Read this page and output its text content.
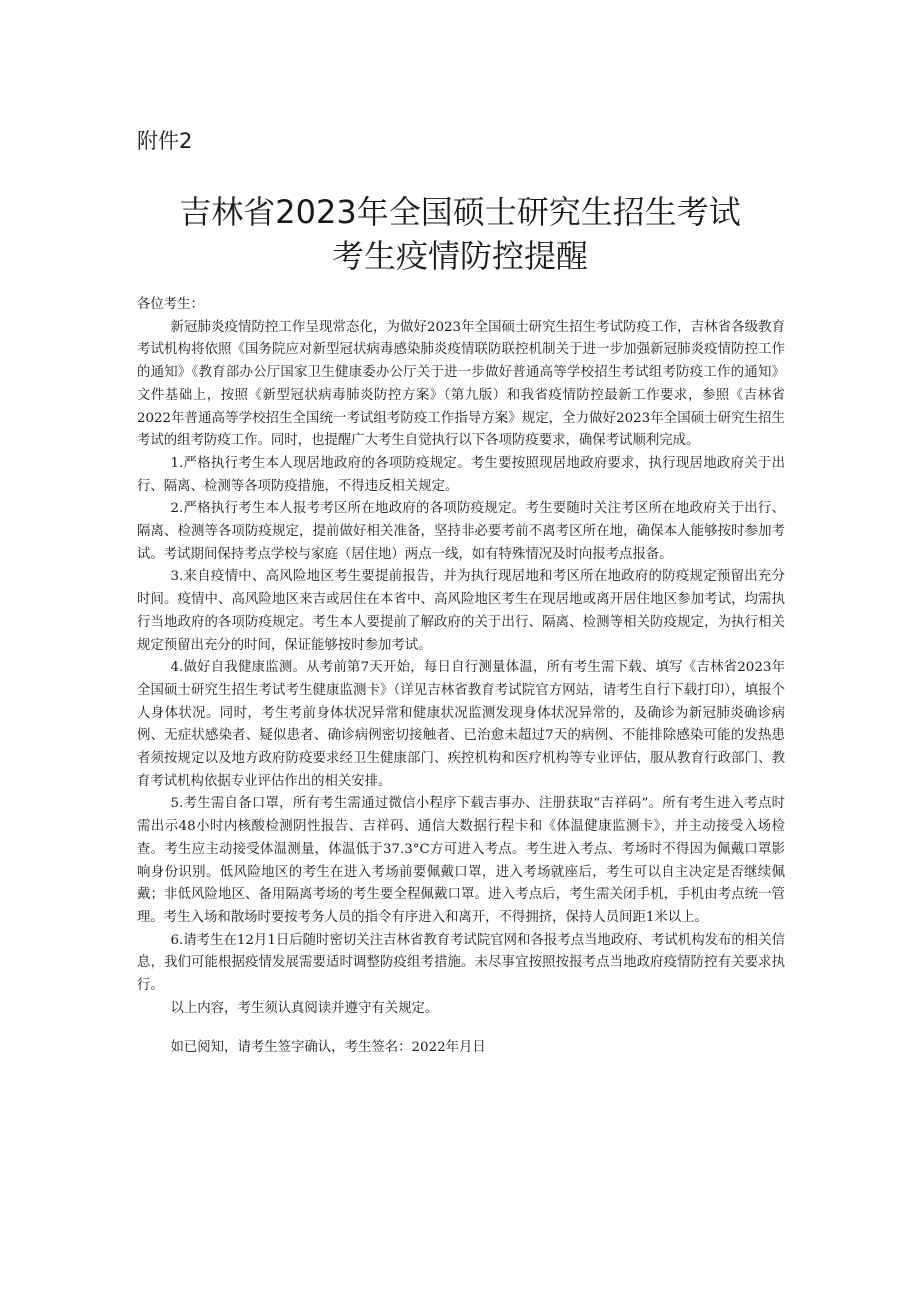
附件2
吉林省2023年全国硕士研究生招生考试
考生疫情防控提醒

各位考生：

新冠肺炎疫情防控工作呈现常态化，为做好2023年全国硕士研究生招生考试防疫工作，吉林省各级教育考试机构将依照《国务院应对新型冠状病毒感染肺炎疫情联防联控机制关于进一步加强新冠肺炎疫情防控工作的通知》《教育部办公厅国家卫生健康委办公厅关于进一步做好普通高等学校招生考试组考防疫工作的通知》文件基础上，按照《新型冠状病毒肺炎防控方案》（第九版）和我省疫情防控最新工作要求，参照《吉林省2022年普通高等学校招生全国统一考试组考防疫工作指导方案》规定，全力做好2023年全国硕士研究生招生考试的组考防疫工作。同时，也提醒广大考生自觉执行以下各项防疫要求，确保考试顺利完成。

1.严格执行考生本人现居地政府的各项防疫规定。考生要按照现居地政府要求，执行现居地政府关于出行、隔离、检测等各项防疫措施，不得违反相关规定。

2.严格执行考生本人报考考区所在地政府的各项防疫规定。考生要随时关注考区所在地政府关于出行、隔离、检测等各项防疫规定，提前做好相关准备，坚持非必要考前不离考区所在地，确保本人能够按时参加考试。考试期间保持考点学校与家庭（居住地）两点一线，如有特殊情况及时向报考点报备。

3.来自疫情中、高风险地区考生要提前报告，并为执行现居地和考区所在地政府的防疫规定预留出充分时间。疫情中、高风险地区来吉或居住在本省中、高风险地区考生在现居地或离开居住地区参加考试，均需执行当地政府的各项防疫规定。考生本人要提前了解政府的关于出行、隔离、检测等相关防疫规定，为执行相关规定预留出充分的时间，保证能够按时参加考试。

4.做好自我健康监测。从考前第7天开始，每日自行测量体温，所有考生需下载、填写《吉林省2023年全国硕士研究生招生考试考生健康监测卡》（详见吉林省教育考试院官方网站，请考生自行下载打印），填报个人身体状况。同时，考生考前身体状况异常和健康状况监测发现身体状况异常的，及确诊为新冠肺炎确诊病例、无症状感染者、疑似患者、确诊病例密切接触者、已治愈未超过7天的病例、不能排除感染可能的发热患者须按规定以及地方政府防疫要求经卫生健康部门、疾控机构和医疗机构等专业评估，服从教育行政部门、教育考试机构依据专业评估作出的相关安排。

5.考生需自备口罩，所有考生需通过微信小程序下载吉事办、注册获取“吉祥码”。所有考生进入考点时需出示48小时内核酸检测阴性报告、吉祥码、通信大数据行程卡和《体温健康监测卡》，并主动接受入场检查。考生应主动接受体温测量，体温低于37.3°C方可进入考点。考生进入考点、考场时不得因为佩戴口罩影响身份识别。低风险地区的考生在进入考场前要佩戴口罩，进入考场就座后，考生可以自主决定是否继续佩戴；非低风险地区、备用隔离考场的考生要全程佩戴口罩。进入考点后，考生需关闭手机，手机由考点统一管理。考生入场和散场时要按考务人员的指令有序进入和离开，不得拥挤，保持人员间距1米以上。

6.请考生在12月1日后随时密切关注吉林省教育考试院官网和各报考点当地政府、考试机构发布的相关信息，我们可能根据疫情发展需要适时调整防疫组考措施。未尽事宜按照按报考点当地政府疫情防控有关要求执行。

以上内容，考生须认真阅读并遵守有关规定。

如已阅知，请考生签字确认，考生签名：2022年月日
